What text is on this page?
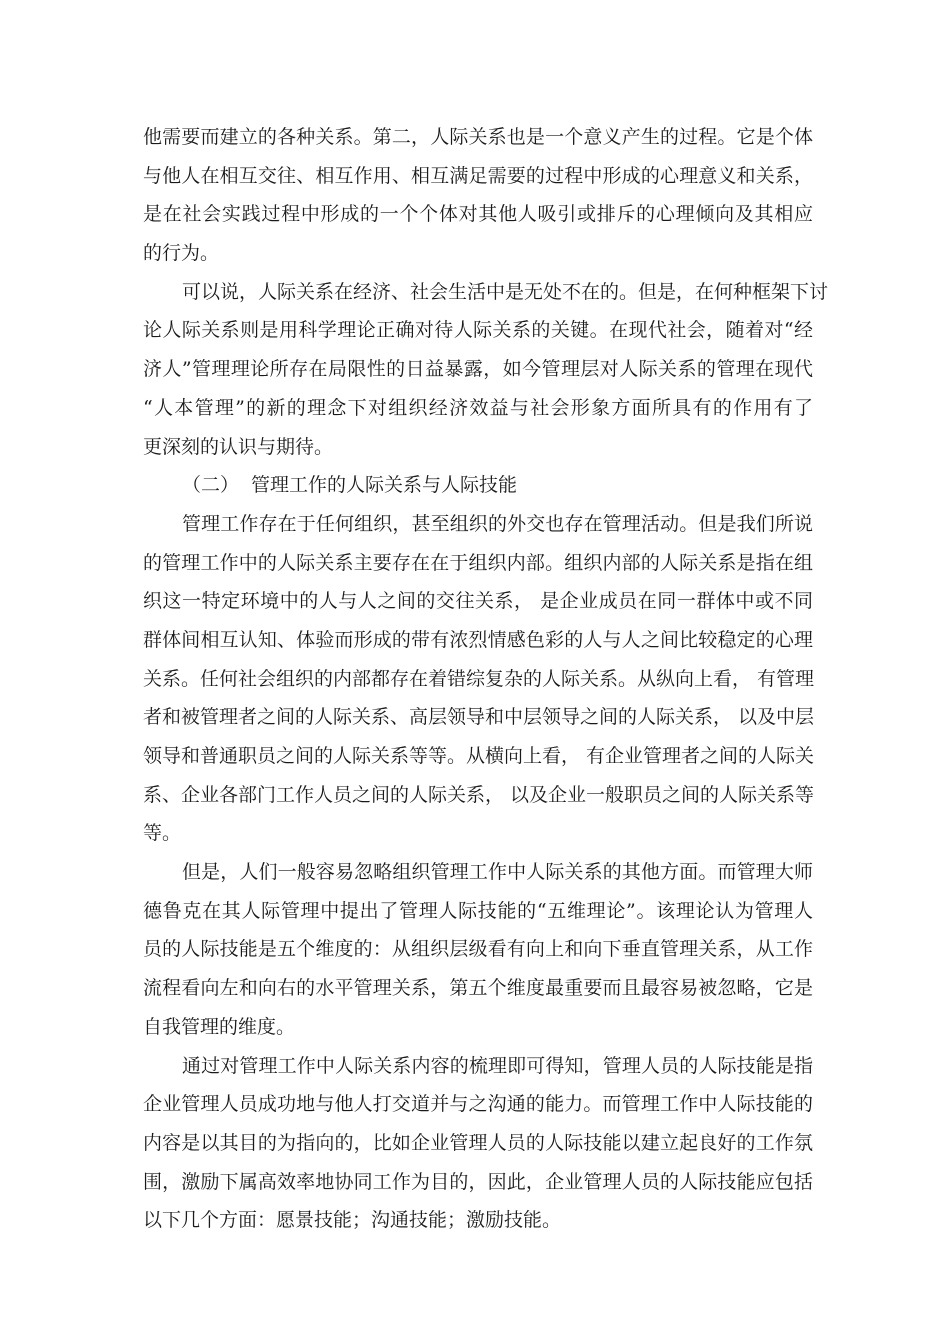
他需要而建立的各种关系。第二，人际关系也是一个意义产生的过程。它是个体
与他人在相互交往、相互作用、相互满足需要的过程中形成的心理意义和关系，
是在社会实践过程中形成的一个个体对其他人吸引或排斥的心理倾向及其相应
的行为。
可以说，人际关系在经济、社会生活中是无处不在的。但是，在何种框架下讨
论人际关系则是用科学理论正确对待人际关系的关键。在现代社会，随着对“经
济人”管理理论所存在局限性的日益暴露，如今管理层对人际关系的管理在现代
“人本管理”的新的理念下对组织经济效益与社会形象方面所具有的作用有了
更深刻的认识与期待。
（二） 管理工作的人际关系与人际技能
管理工作存在于任何组织，甚至组织的外交也存在管理活动。但是我们所说
的管理工作中的人际关系主要存在在于组织内部。组织内部的人际关系是指在组
织这一特定环境中的人与人之间的交往关系， 是企业成员在同一群体中或不同
群体间相互认知、体验而形成的带有浓烈情感色彩的人与人之间比较稳定的心理
关系。任何社会组织的内部都存在着错综复杂的人际关系。从纵向上看， 有管理
者和被管理者之间的人际关系、高层领导和中层领导之间的人际关系， 以及中层
领导和普通职员之间的人际关系等等。从横向上看， 有企业管理者之间的人际关
系、企业各部门工作人员之间的人际关系， 以及企业一般职员之间的人际关系等
等。
但是，人们一般容易忽略组织管理工作中人际关系的其他方面。而管理大师
德鲁克在其人际管理中提出了管理人际技能的“五维理论”。该理论认为管理人
员的人际技能是五个维度的：从组织层级看有向上和向下垂直管理关系，从工作
流程看向左和向右的水平管理关系，第五个维度最重要而且最容易被忽略，它是
自我管理的维度。
通过对管理工作中人际关系内容的梳理即可得知，管理人员的人际技能是指
企业管理人员成功地与他人打交道并与之沟通的能力。而管理工作中人际技能的
内容是以其目的为指向的，比如企业管理人员的人际技能以建立起良好的工作氛
围，激励下属高效率地协同工作为目的，因此，企业管理人员的人际技能应包括
以下几个方面：愿景技能；沟通技能；激励技能。
